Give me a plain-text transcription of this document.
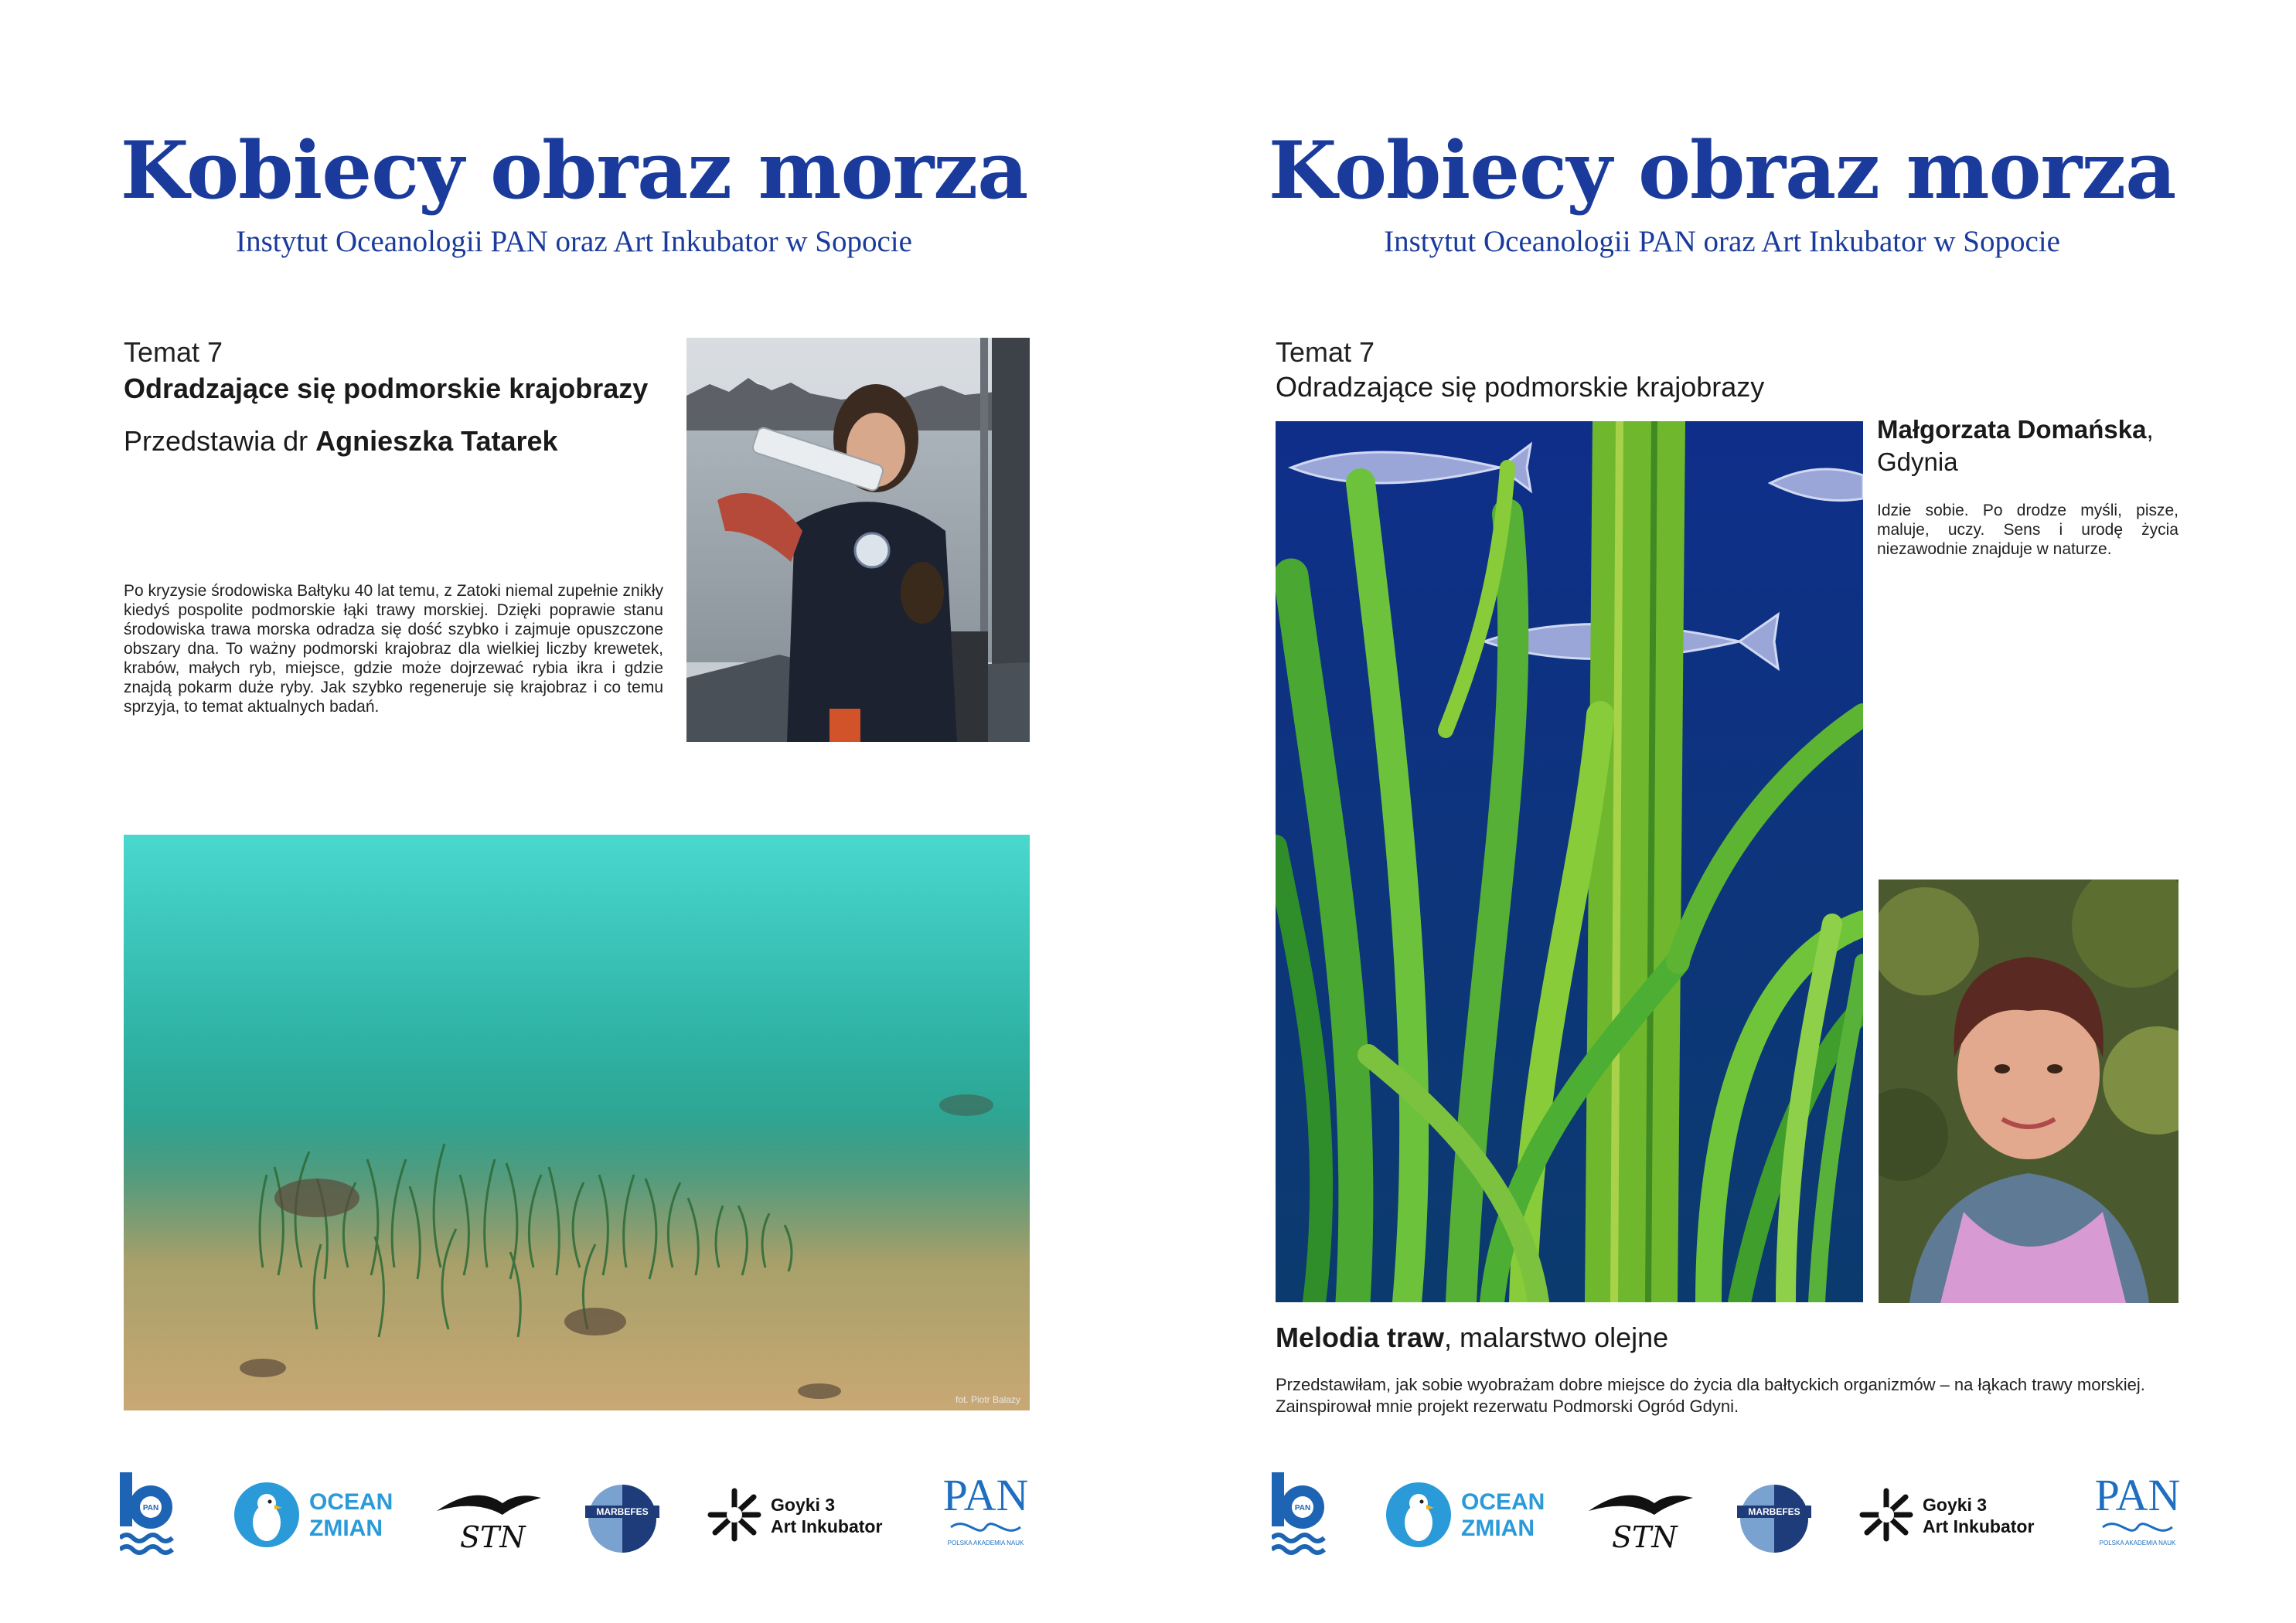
Kobiecy obraz morza
Instytut Oceanologii PAN oraz Art Inkubator w Sopocie
Temat 7
Odradzające się podmorskie krajobrazy
Przedstawia dr Agnieszka Tatarek
Po kryzysie środowiska Bałtyku 40 lat temu, z Zatoki niemal zupełnie znikły kiedyś pospolite podmorskie łąki trawy morskiej. Dzięki poprawie stanu środowiska trawa morska odradza się dość szybko i zajmuje opuszczone obszary dna. To ważny podmorski krajobraz dla wielkiej liczby krewetek, krabów, małych ryb, miejsce, gdzie może dojrzewać rybia ikra i gdzie znajdą pokarm duże ryby. Jak szybko regeneruje się krajobraz i co temu sprzyja, to temat aktualnych badań.
fot. Piotr Balazy
PAN	OCEAN
ZMIAN	STN
MARBEFES	Goyki 3
Art Inkubator
PAN
POLSKA AKADEMIA NAUK
Kobiecy obraz morza
Instytut Oceanologii PAN oraz Art Inkubator w Sopocie
Temat 7
Odradzające się podmorskie krajobrazy
Małgorzata Domańska,
Gdynia
Idzie sobie. Po drodze myśli, pisze, maluje, uczy. Sens i urodę życia niezawodnie znajduje w naturze.
Melodia traw, malarstwo olejne
Przedstawiłam, jak sobie wyobrażam dobre miejsce do życia dla bałtyckich organizmów – na łąkach trawy morskiej. Zainspirował mnie projekt rezerwatu Podmorski Ogród Gdyni.
PAN	OCEAN
ZMIAN	STN
MARBEFES	Goyki 3
Art Inkubator
PAN
POLSKA AKADEMIA NAUK
